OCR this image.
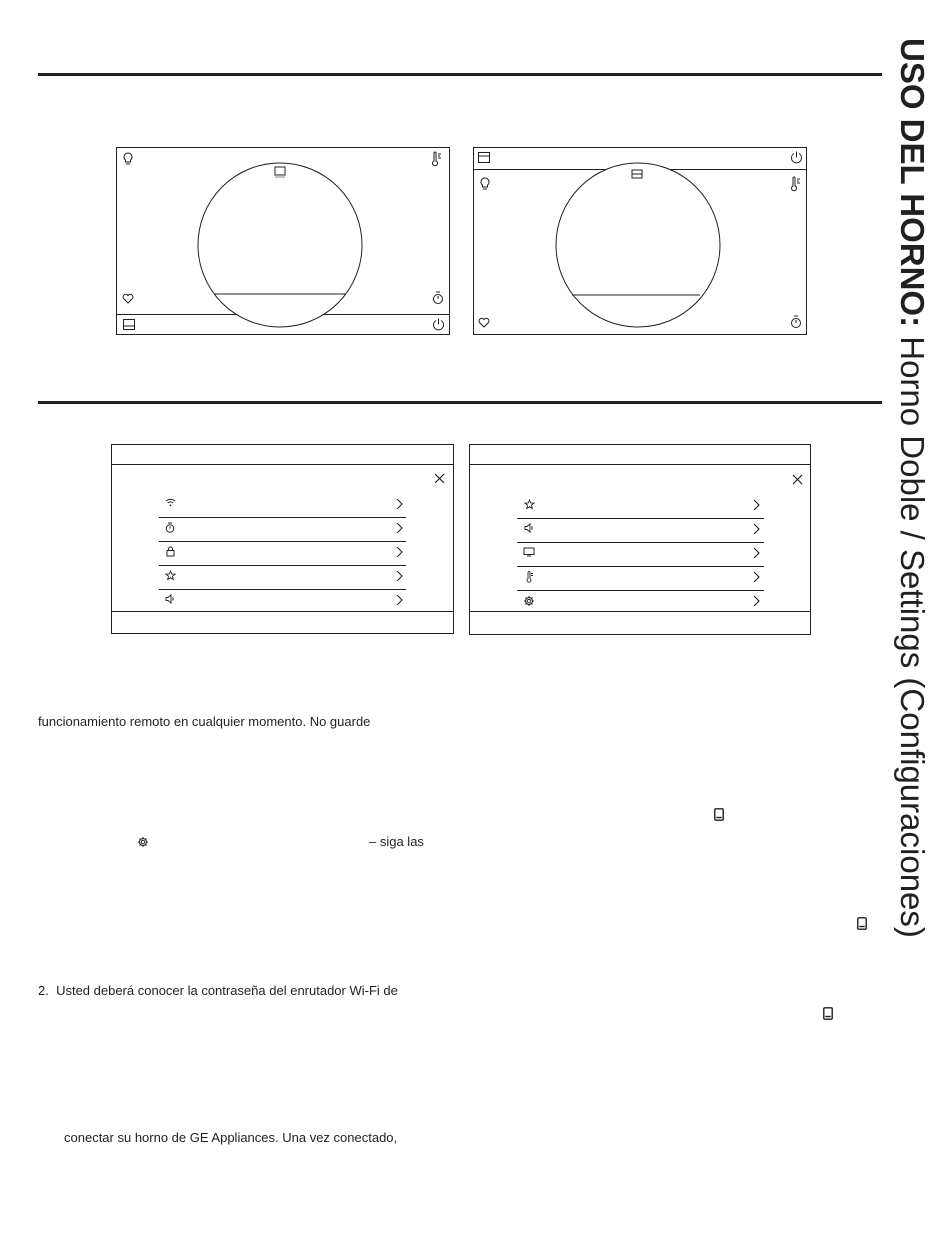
USO DEL HORNO: Horno Doble / Settings (Configuraciones)
funcionamiento remoto en cualquier momento. No guarde
– siga las
2.  Usted deberá conocer la contraseña del enrutador Wi-Fi de
conectar su horno de GE Appliances. Una vez conectado,
